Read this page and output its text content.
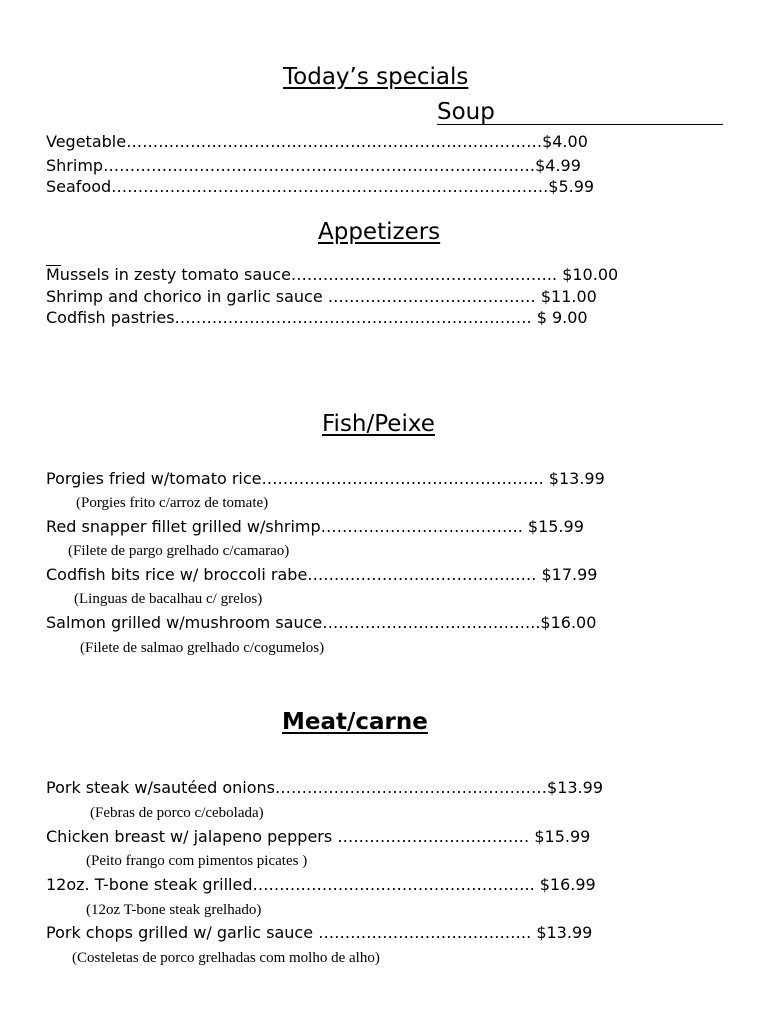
Today’s specials
Soup
Vegetable……………………………………………………………………$4.00
Shrimp………………………………………………………………………$4.99
Seafood……………………………………………………………………….$5.99
Appetizers
Mussels in zesty tomato sauce………………………………………….. $10.00
Shrimp and chorico in garlic sauce ………………………………… $11.00
Codfish pastries…………………………………………………………. $ 9.00
Fish/Peixe
Porgies fried w/tomato rice…………………………………………….. $13.99
(Porgies frito c/arroz de tomate)
Red snapper fillet grilled w/shrimp……………………………….. $15.99
(Filete de pargo grelhado c/camarao)
Codfish bits rice w/ broccoli rabe……………………………………. $17.99
(Linguas de bacalhau c/ grelos)
Salmon grilled w/mushroom sauce…………………………………..$16.00
(Filete de salmao grelhado c/cogumelos)
Meat/carne
Pork steak w/sautéed onions……………………………………………$13.99
(Febras de porco c/cebolada)
Chicken breast w/ jalapeno peppers ……………………………… $15.99
(Peito frango com pimentos picates )
12oz. T-bone steak grilled…………………………………………….. $16.99
(12oz T-bone steak grelhado)
Pork chops grilled w/ garlic sauce …………………………………. $13.99
(Costeletas de porco grelhadas com molho de alho)
